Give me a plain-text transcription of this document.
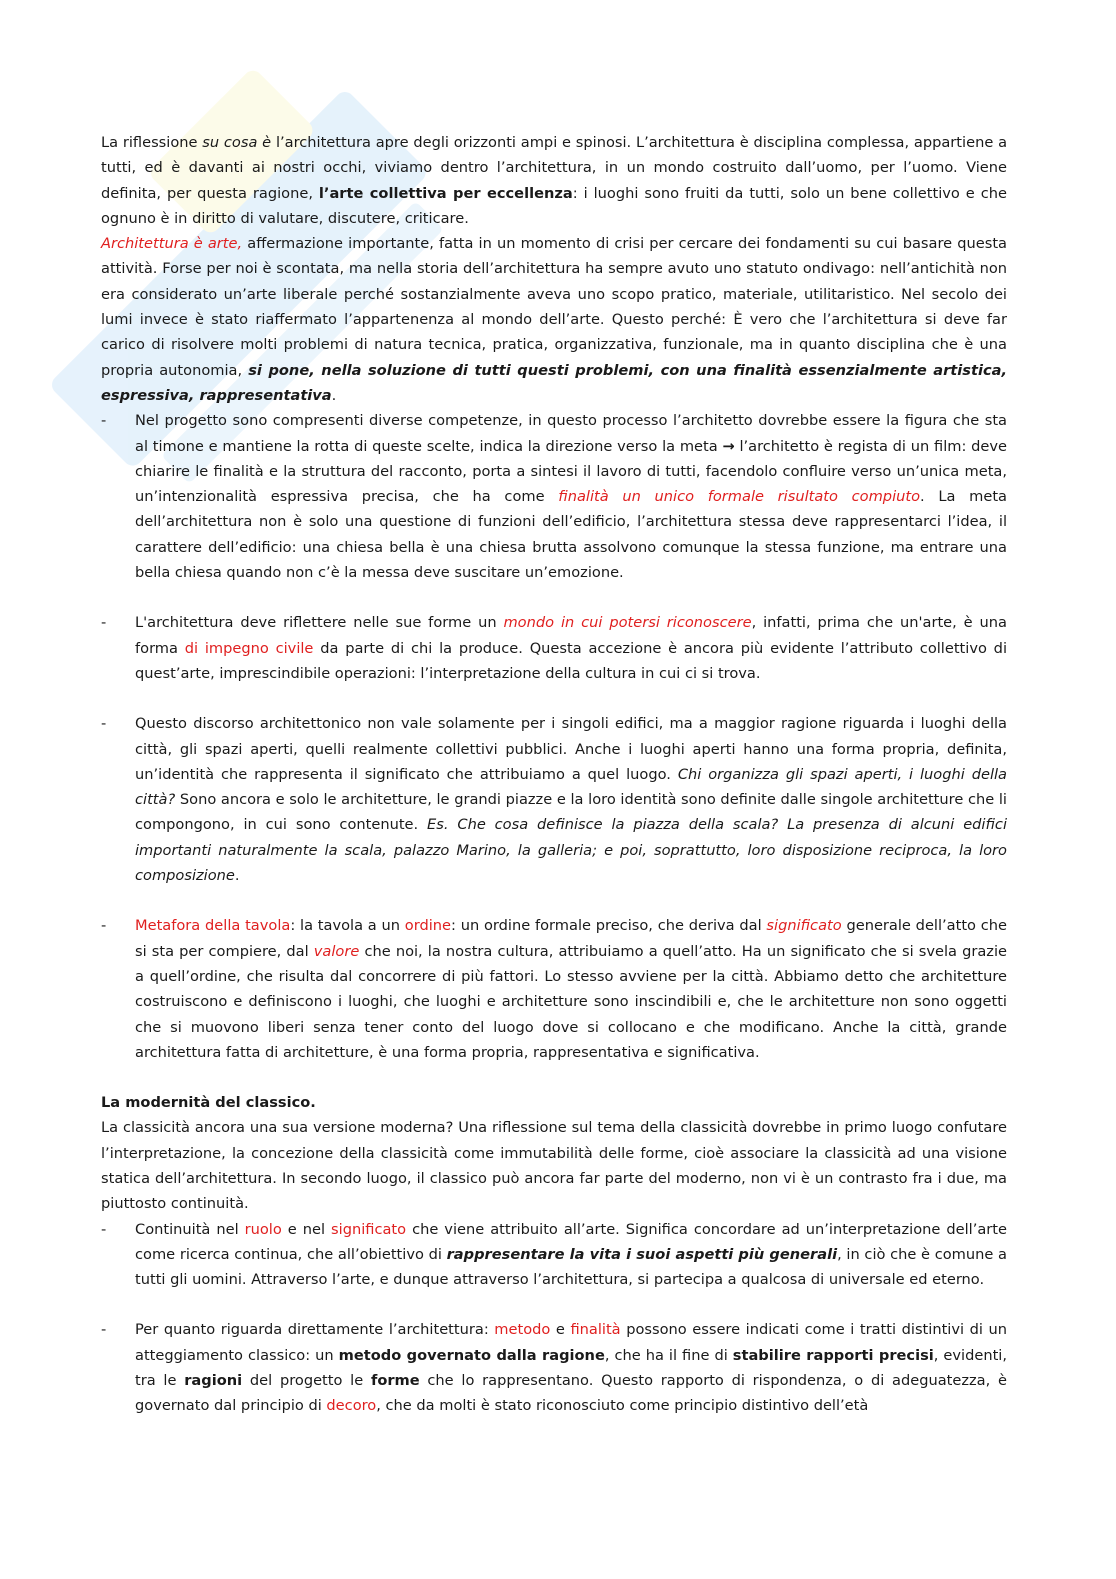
La riflessione su cosa è l’architettura apre degli orizzonti ampi e spinosi. L’architettura è disciplina complessa, appartiene a tutti, ed è davanti ai nostri occhi, viviamo dentro l’architettura, in un mondo costruito dall’uomo, per l’uomo. Viene definita, per questa ragione, l’arte collettiva per eccellenza: i luoghi sono fruiti da tutti, solo un bene collettivo e che ognuno è in diritto di valutare, discutere, criticare.

Architettura è arte, affermazione importante, fatta in un momento di crisi per cercare dei fondamenti su cui basare questa attività. Forse per noi è scontata, ma nella storia dell’architettura ha sempre avuto uno statuto ondivago: nell’antichità non era considerato un’arte liberale perché sostanzialmente aveva uno scopo pratico, materiale, utilitaristico. Nel secolo dei lumi invece è stato riaffermato l’appartenenza al mondo dell’arte. Questo perché: È vero che l’architettura si deve far carico di risolvere molti problemi di natura tecnica, pratica, organizzativa, funzionale, ma in quanto disciplina che è una propria autonomia, si pone, nella soluzione di tutti questi problemi, con una finalità essenzialmente artistica, espressiva, rappresentativa.

- Nel progetto sono compresenti diverse competenze, in questo processo l’architetto dovrebbe essere la figura che sta al timone e mantiene la rotta di queste scelte, indica la direzione verso la meta → l’architetto è regista di un film: deve chiarire le finalità e la struttura del racconto, porta a sintesi il lavoro di tutti, facendolo confluire verso un’unica meta, un’intenzionalità espressiva precisa, che ha come finalità un unico formale risultato compiuto. La meta dell’architettura non è solo una questione di funzioni dell’edificio, l’architettura stessa deve rappresentarci l’idea, il carattere dell’edificio: una chiesa bella è una chiesa brutta assolvono comunque la stessa funzione, ma entrare una bella chiesa quando non c’è la messa deve suscitare un’emozione.
- L'architettura deve riflettere nelle sue forme un mondo in cui potersi riconoscere, infatti, prima che un'arte, è una forma di impegno civile da parte di chi la produce. Questa accezione è ancora più evidente l’attributo collettivo di quest’arte, imprescindibile operazioni: l’interpretazione della cultura in cui ci si trova.
- Questo discorso architettonico non vale solamente per i singoli edifici, ma a maggior ragione riguarda i luoghi della città, gli spazi aperti, quelli realmente collettivi pubblici. Anche i luoghi aperti hanno una forma propria, definita, un’identità che rappresenta il significato che attribuiamo a quel luogo. Chi organizza gli spazi aperti, i luoghi della città? Sono ancora e solo le architetture, le grandi piazze e la loro identità sono definite dalle singole architetture che li compongono, in cui sono contenute. Es. Che cosa definisce la piazza della scala? La presenza di alcuni edifici importanti naturalmente la scala, palazzo Marino, la galleria; e poi, soprattutto, loro disposizione reciproca, la loro composizione.
- Metafora della tavola: la tavola a un ordine: un ordine formale preciso, che deriva dal significato generale dell’atto che si sta per compiere, dal valore che noi, la nostra cultura, attribuiamo a quell’atto. Ha un significato che si svela grazie a quell’ordine, che risulta dal concorrere di più fattori. Lo stesso avviene per la città. Abbiamo detto che architetture costruiscono e definiscono i luoghi, che luoghi e architetture sono inscindibili e, che le architetture non sono oggetti che si muovono liberi senza tener conto del luogo dove si collocano e che modificano. Anche la città, grande architettura fatta di architetture, è una forma propria, rappresentativa e significativa.
La modernità del classico.

La classicità ancora una sua versione moderna? Una riflessione sul tema della classicità dovrebbe in primo luogo confutare l’interpretazione, la concezione della classicità come immutabilità delle forme, cioè associare la classicità ad una visione statica dell’architettura. In secondo luogo, il classico può ancora far parte del moderno, non vi è un contrasto fra i due, ma piuttosto continuità.

- Continuità nel ruolo e nel significato che viene attribuito all’arte. Significa concordare ad un’interpretazione dell’arte come ricerca continua, che all’obiettivo di rappresentare la vita i suoi aspetti più generali, in ciò che è comune a tutti gli uomini. Attraverso l’arte, e dunque attraverso l’architettura, si partecipa a qualcosa di universale ed eterno.
- Per quanto riguarda direttamente l’architettura: metodo e finalità possono essere indicati come i tratti distintivi di un atteggiamento classico: un metodo governato dalla ragione, che ha il fine di stabilire rapporti precisi, evidenti, tra le ragioni del progetto le forme che lo rappresentano. Questo rapporto di rispondenza, o di adeguatezza, è governato dal principio di decoro, che da molti è stato riconosciuto come principio distintivo dell’età
